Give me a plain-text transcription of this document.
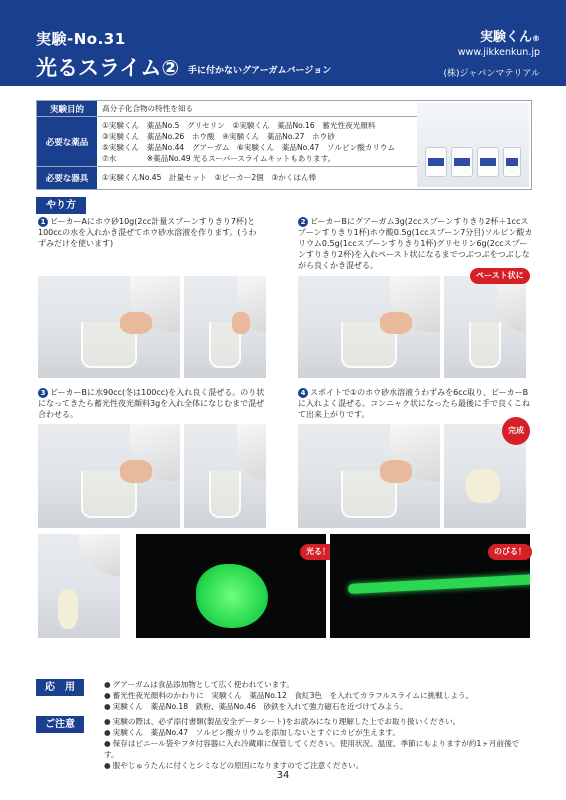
実験-No.31
光るスライム② 手に付かないグアーガムバージョン
実験くん®
www.jikkenkun.jp
(株)ジャパンマテリアル
実験目的	高分子化合物の特性を知る
必要な薬品
①実験くん　薬品No.5　グリセリン　②実験くん　薬品No.16　蓄光性夜光顔料
③実験くん　薬品No.26　ホウ酸　④実験くん　薬品No.27　ホウ砂
⑤実験くん　薬品No.44　グアーガム　⑥実験くん　薬品No.47　ソルビン酸カリウム
⑦水　　　　※薬品No.49 光るスーパースライムキットもあります。
必要な器具	①実験くんNo.45　計量セット　②ビーカー2個　③かくはん棒
やり方
1 ビーカーAにホウ砂10g(2cc計量スプーンすりきり7杯)と100ccの水を入れかき混ぜてホウ砂水溶液を作ります。(うわずみだけを使います)
2 ビーカーBにグアーガム3g(2ccスプーンすりきり2杯＋1ccスプーンすりきり1杯)ホウ酸0.5g(1ccスプーン7分目)ソルビン酸カリウム0.5g(1ccスプーンすりきり1杯)グリセリン6g(2ccスプーンすりきり2杯)を入れペースト状になるまでつぶつぶをつぶしながら良くかき混ぜる。
ペースト状に
3 ビーカーBに水90cc(冬は100cc)を入れ良く混ぜる。のり状になってきたら蓄光性夜光顔料3gを入れ全体になじむまで混ぜ合わせる。
4 スポイトで①のホウ砂水溶液うわずみを6cc取り、ビーカーBに入れよく混ぜる。コンニャク状になったら最後に手で良くこねて出来上がりです。
完成
光る！	のびる！
応　用	● グアーガムは食品添加物として広く使われています。
● 蓄光性夜光顔料のかわりに　実験くん　薬品No.12　食紅3色　を入れてカラフルスライムに挑戦しよう。
● 実験くん　薬品No.18　鉄粉、薬品No.46　砂鉄を入れて強力磁石を近づけてみよう。
ご注意	● 実験の際は、必ず添付書類(製品安全データシート)をお読みになり理解した上でお取り扱いください。
● 実験くん　薬品No.47　ソルビン酸カリウムを添加しないとすぐにカビが生えます。
● 保存はビニール袋やフタ付容器に入れ冷蔵庫に保管してください。使用状況、温度、季節にもよりますが約1ヶ月前後です。
● 服やじゅうたんに付くとシミなどの原因になりますのでご注意ください。
34
